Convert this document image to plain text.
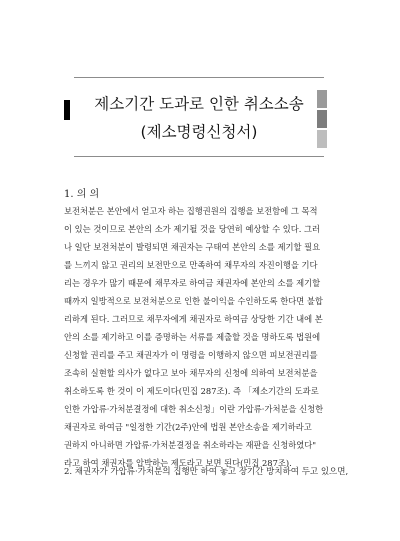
제소기간 도과로 인한 취소소송
(제소명령신청서)
1. 의 의
보전처분은 본안에서 얻고자 하는 집행권원의 집행을 보전함에 그 목적
이 있는 것이므로 본안의 소가 제기될 것을 당연히 예상할 수 있다. 그러
나 일단 보전처분이 발령되면 채권자는 구태여 본안의 소를 제기할 필요
를 느끼지 않고 권리의 보전만으로 만족하여 채무자의 자진이행을 기다
리는 경우가 많기 때문에 채무자로 하여금 채권자에 본안의 소를 제기할
때까지 일방적으로 보전처분으로 인한 불이익을 수인하도록 한다면 불합
리하게 된다. 그러므로 채무자에게 채권자로 하여금 상당한 기간 내에 본
안의 소를 제기하고 이를 증명하는 서류를 제출할 것을 명하도록 법원에
신청할 권리를 주고 채권자가 이 명령을 이행하지 않으면 피보전권리를
조속히 실현할 의사가 없다고 보아 채무자의 신청에 의하여 보전처분을
취소하도록 한 것이 이 제도이다(민집 287조). 즉 「제소기간의 도과로
인한 가압류·가처분결정에 대한 취소신청」이란 가압류·가처분을 신청한
채권자로 하여금 "일정한 기간(2주)안에 법원 본안소송을 제기하라고
권하지 아니하면 가압류·가처분결정을 취소하라는 재판을 신청하였다"
라고 하여 채권자를 압박하는 제도라고 보면 된다(민집 287조).
2. 채권자가 가압류·가처분의 집행만 하여 놓고 장기간 방치하여 두고 있으면,
